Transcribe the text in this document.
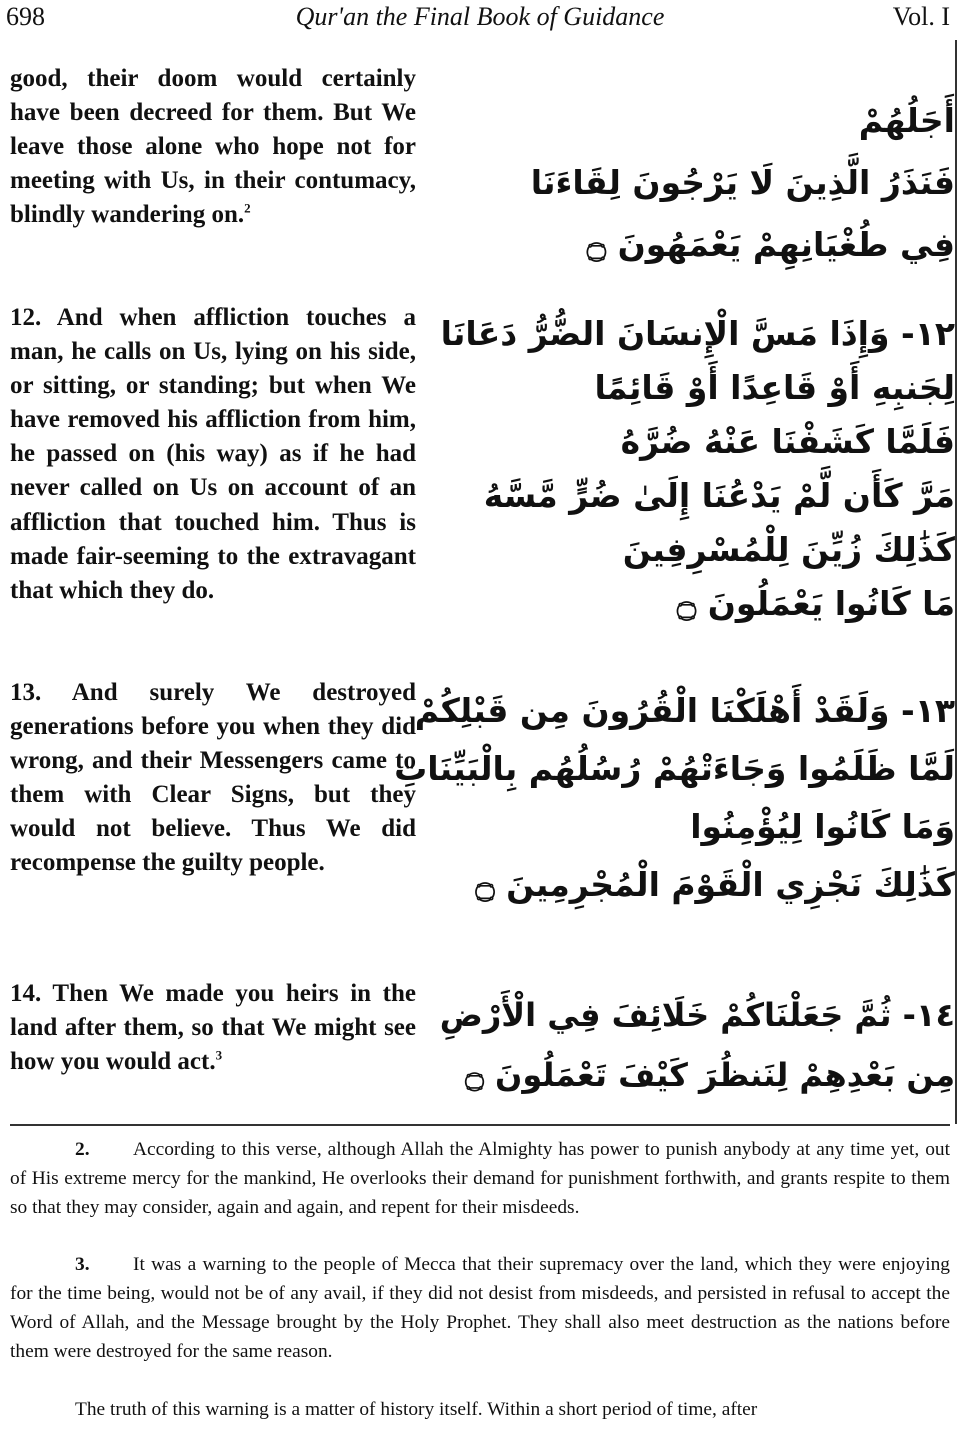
698	Qur'an the Final Book of Guidance	Vol. I
good, their doom would certainly have been decreed for them. But We leave those alone who hope not for meeting with Us, in their contumacy, blindly wandering on.$^2$
أَجَلُهُمْ
فَنَذَرُ الَّذِينَ لَا يَرْجُونَ لِقَاءَنَا
فِي طُغْيَانِهِمْ يَعْمَهُونَ ۝
12. And when affliction touches a man, he calls on Us, lying on his side, or sitting, or standing; but when We have removed his affliction from him, he passed on (his way) as if he had never called on Us on account of an affliction that touched him. Thus is made fair-seeming to the extravagant that which they do.
١٢- وَإِذَا مَسَّ الْإِنسَانَ الضُّرُّ دَعَانَا
لِجَنبِهِ أَوْ قَاعِدًا أَوْ قَائِمًا
فَلَمَّا كَشَفْنَا عَنْهُ ضُرَّهُ
مَرَّ كَأَن لَّمْ يَدْعُنَا إِلَىٰ ضُرٍّ مَّسَّهُ
كَذَٰلِكَ زُيِّنَ لِلْمُسْرِفِينَ
مَا كَانُوا يَعْمَلُونَ ۝
13. And surely We destroyed generations before you when they did wrong, and their Messengers came to them with Clear Signs, but they would not believe. Thus We did recompense the guilty people.
١٣- وَلَقَدْ أَهْلَكْنَا الْقُرُونَ مِن قَبْلِكُمْ
لَمَّا ظَلَمُوا وَجَاءَتْهُمْ رُسُلُهُم بِالْبَيِّنَاتِ
وَمَا كَانُوا لِيُؤْمِنُوا
كَذَٰلِكَ نَجْزِي الْقَوْمَ الْمُجْرِمِينَ ۝
14. Then We made you heirs in the land after them, so that We might see how you would act.$^3$
١٤- ثُمَّ جَعَلْنَاكُمْ خَلَائِفَ فِي الْأَرْضِ
مِن بَعْدِهِمْ لِنَنظُرَ كَيْفَ تَعْمَلُونَ ۝
2. According to this verse, although Allah the Almighty has power to punish anybody at any time yet, out of His extreme mercy for the mankind, He overlooks their demand for punishment forthwith, and grants respite to them so that they may consider, again and again, and repent for their misdeeds.
3. It was a warning to the people of Mecca that their supremacy over the land, which they were enjoying for the time being, would not be of any avail, if they did not desist from misdeeds, and persisted in refusal to accept the Word of Allah, and the Message brought by the Holy Prophet. They shall also meet destruction as the nations before them were destroyed for the same reason.
The truth of this warning is a matter of history itself. Within a short period of time, after
